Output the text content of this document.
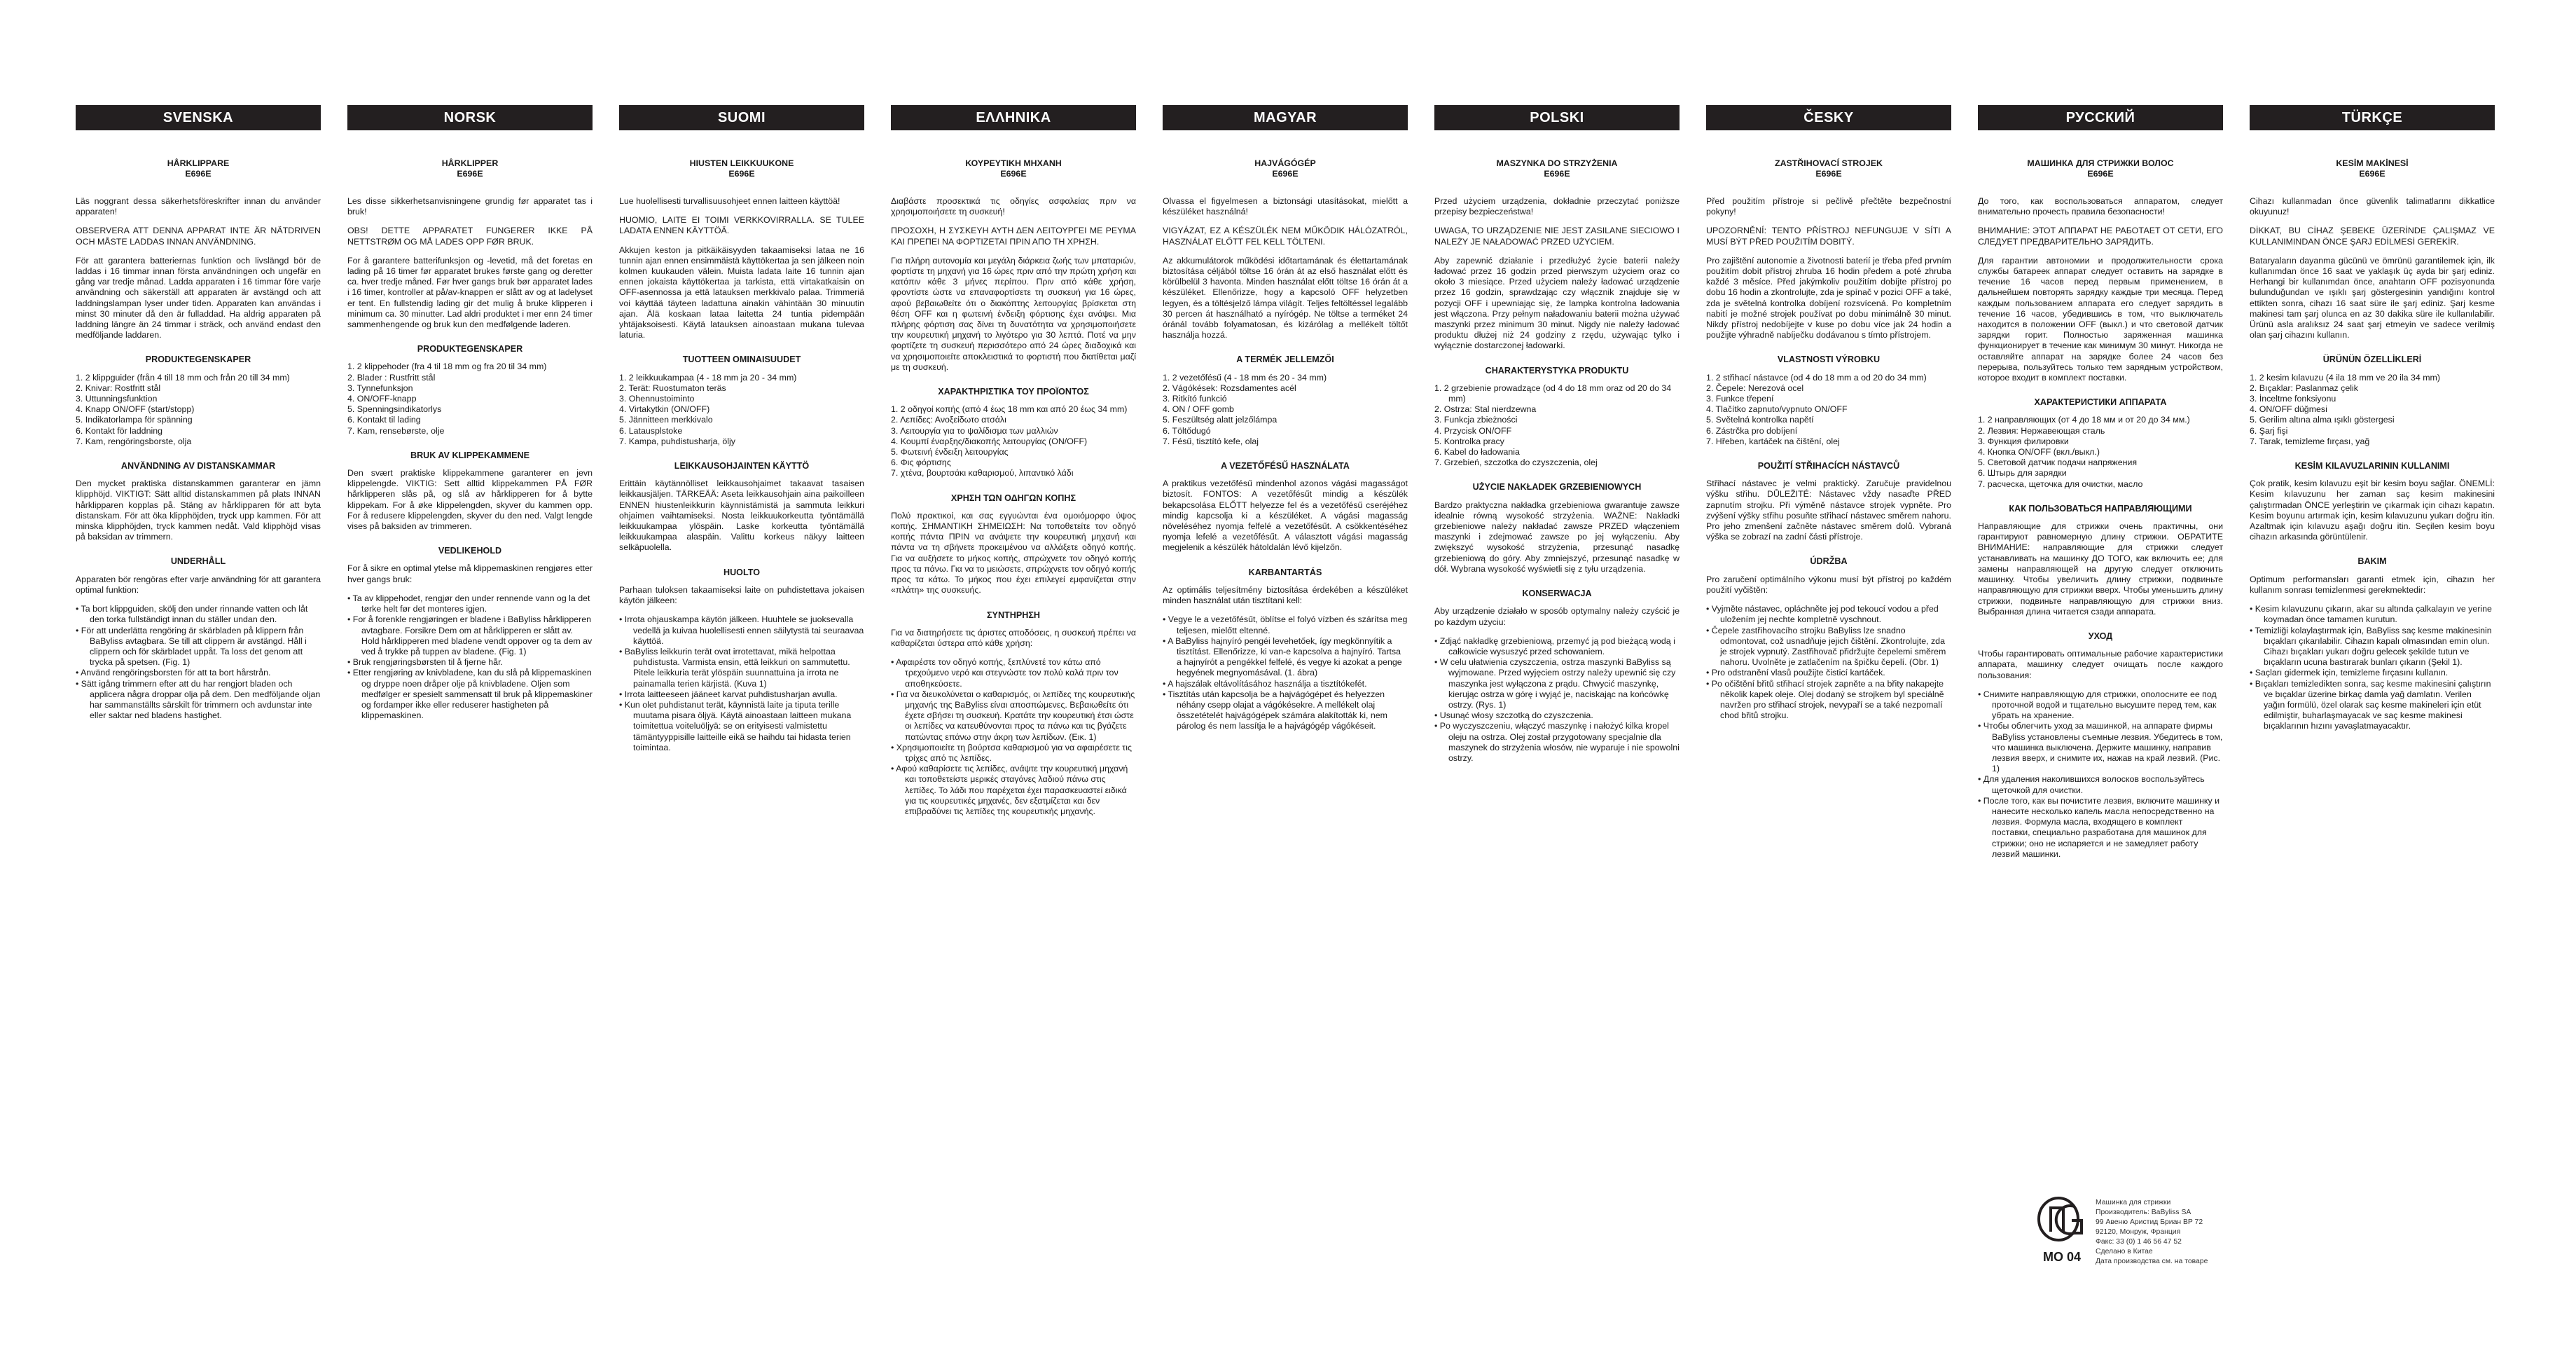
SVENSKA
HÅRKLIPPARE
E696E

Läs noggrant dessa säkerhetsföreskrifter innan du använder apparaten!

OBSERVERA ATT DENNA APPARAT INTE ÄR NÄTDRIVEN OCH MÅSTE LADDAS INNAN ANVÄNDNING.

För att garantera batteriernas funktion och livslängd bör de laddas i 16 timmar innan första användningen och ungefär en gång var tredje månad. Ladda apparaten i 16 timmar före varje användning och säkerställ att apparaten är avstängd och att laddningslampan lyser under tiden. Apparaten kan användas i minst 30 minuter då den är fulladdad. Ha aldrig apparaten på laddning längre än 24 timmar i sträck, och använd endast den medföljande laddaren.

PRODUKTEGENSKAPER
1. 2 klippguider (från 4 till 18 mm och från 20 till 34 mm)
2. Knivar: Rostfritt stål
3. Uttunningsfunktion
4. Knapp ON/OFF (start/stopp)
5. Indikatorlampa för spänning
6. Kontakt för laddning
7. Kam, rengöringsborste, olja
ANVÄNDNING AV DISTANSKAMMAR

Den mycket praktiska distanskammen garanterar en jämn klipphöjd. VIKTIGT: Sätt alltid distanskammen på plats INNAN hårklipparen kopplas på. Stäng av hårklipparen för att byta distanskam. För att öka klipphöjden, tryck upp kammen. För att minska klipphöjden, tryck kammen nedåt. Vald klipphöjd visas på baksidan av trimmern.

UNDERHÅLL

Apparaten bör rengöras efter varje användning för att garantera optimal funktion:

• Ta bort klippguiden, skölj den under rinnande vatten och låt den torka fullständigt innan du ställer undan den.
• För att underlätta rengöring är skärbladen på klippern från BaByliss avtagbara. Se till att clippern är avstängd. Håll i clippern och för skärbladet uppåt. Ta loss det genom att trycka på spetsen. (Fig. 1)
• Använd rengöringsborsten för att ta bort hårstrån.
• Sätt igång trimmern efter att du har rengjort bladen och applicera några droppar olja på dem. Den medföljande oljan har sammanställts särskilt för trimmern och avdunstar inte eller saktar ned bladens hastighet.
NORSK
HÅRKLIPPER
E696E

Les disse sikkerhetsanvisningene grundig før apparatet tas i bruk!

OBS! DETTE APPARATET FUNGERER IKKE PÅ NETTSTRØM OG MÅ LADES OPP FØR BRUK.

For å garantere batterifunksjon og -levetid, må det foretas en lading på 16 timer før apparatet brukes første gang og deretter ca. hver tredje måned. Før hver gangs bruk bør apparatet lades i 16 timer, kontroller at på/av-knappen er slått av og at ladelyset er tent. En fullstendig lading gir det mulig å bruke klipperen i minimum ca. 30 minutter. Lad aldri produktet i mer enn 24 timer sammenhengende og bruk kun den medfølgende laderen.

PRODUKTEGENSKAPER
1. 2 klippehoder (fra 4 til 18 mm og fra 20 til 34 mm)
2. Blader : Rustfritt stål
3. Tynnefunksjon
4. ON/OFF-knapp
5. Spenningsindikatorlys
6. Kontakt til lading
7. Kam, rensebørste, olje
BRUK AV KLIPPEKAMMENE

Den svært praktiske klippekammene garanterer en jevn klippelengde. VIKTIG: Sett alltid klippekammen PÅ FØR hårklipperen slås på, og slå av hårklipperen for å bytte klippekam. For å øke klippelengden, skyver du kammen opp. For å redusere klippelengden, skyver du den ned. Valgt lengde vises på baksiden av trimmeren.

VEDLIKEHOLD

For å sikre en optimal ytelse må klippemaskinen rengjøres etter hver gangs bruk:

• Ta av klippehodet, rengjør den under rennende vann og la det tørke helt før det monteres igjen.
• For å forenkle rengjøringen er bladene i BaByliss hårklipperen avtagbare. Forsikre Dem om at hårklipperen er slått av. Hold hårklipperen med bladene vendt oppover og ta dem av ved å trykke på tuppen av bladene. (Fig. 1)
• Bruk rengjøringsbørsten til å fjerne hår.
• Etter rengjøring av knivbladene, kan du slå på klippemaskinen og dryppe noen dråper olje på knivbladene. Oljen som medfølger er spesielt sammensatt til bruk på klippemaskiner og fordamper ikke eller reduserer hastigheten på klippemaskinen.
SUOMI
HIUSTEN LEIKKUUKONE
E696E

Lue huolellisesti turvallisuusohjeet ennen laitteen käyttöä!

HUOMIO, LAITE EI TOIMI VERKKOVIRRALLA. SE TULEE LADATA ENNEN KÄYTTÖÄ.

Akkujen keston ja pitkäikäisyyden takaamiseksi lataa ne 16 tunnin ajan ennen ensimmäistä käyttökertaa ja sen jälkeen noin kolmen kuukauden välein. Muista ladata laite 16 tunnin ajan ennen jokaista käyttökertaa ja tarkista, että virtakatkaisin on OFF-asennossa ja että latauksen merkkivalo palaa. Trimmeriä voi käyttää täyteen ladattuna ainakin vähintään 30 minuutin ajan. Älä koskaan lataa laitetta 24 tuntia pidempään yhtäjaksoisesti. Käytä latauksen ainoastaan mukana tulevaa laturia.

TUOTTEEN OMINAISUUDET
1. 2 leikkuukampaa (4 - 18 mm ja 20 - 34 mm)
2. Terät: Ruostumaton teräs
3. Ohennustoiminto
4. Virtakytkin (ON/OFF)
5. Jännitteen merkkivalo
6. Latausplstoke
7. Kampa, puhdistusharja, öljy
LEIKKAUSOHJAINTEN KÄYTTÖ

Erittäin käytännölliset leikkausohjaimet takaavat tasaisen leikkausjäljen. TÄRKEÄÄ: Aseta leikkausohjain aina paikoilleen ENNEN hiustenleikkurin käynnistämistä ja sammuta leikkuri ohjaimen vaihtamiseksi. Nosta leikkuukorkeutta työntämällä leikkuukampaa ylöspäin. Laske korkeutta työntämällä leikkuukampaa alaspäin. Valittu korkeus näkyy laitteen selkäpuolella.

HUOLTO

Parhaan tuloksen takaamiseksi laite on puhdistettava jokaisen käytön jälkeen:

• Irrota ohjauskampa käytön jälkeen. Huuhtele se juoksevalla vedellä ja kuivaa huolellisesti ennen säilytystä tai seuraavaa käyttöä.
• BaByliss leikkurin terät ovat irrotettavat, mikä helpottaa puhdistusta. Varmista ensin, että leikkuri on sammutettu. Pitele leikkuria terät ylöspäin suunnattuina ja irrota ne painamalla terien kärjistä. (Kuva 1)
• Irrota laitteeseen jääneet karvat puhdistusharjan avulla.
• Kun olet puhdistanut terät, käynnistä laite ja tiputa terille muutama pisara öljyä. Käytä ainoastaan laitteen mukana toimitettua voiteluöljyä: se on erityisesti valmistettu tämäntyyppisille laitteille eikä se haihdu tai hidasta terien toimintaa.
ΕΛΛΗΝΙΚΑ
ΚΟΥΡΕΥΤΙΚΗ ΜΗΧΑΝΗ
E696E

Διαβάστε προσεκτικά τις οδηγίες ασφαλείας πριν να χρησιμοποιήσετε τη συσκευή!

ΠΡΟΣΟΧΗ, Η ΣΥΣΚΕΥΗ ΑΥΤΗ ΔΕΝ ΛΕΙΤΟΥΡΓΕΙ ΜΕ ΡΕΥΜΑ ΚΑΙ ΠΡΕΠΕΙ ΝΑ ΦΟΡΤΙΖΕΤΑΙ ΠΡΙΝ ΑΠΟ ΤΗ ΧΡΗΣΗ.

Για πλήρη αυτονομία και μεγάλη διάρκεια ζωής των μπαταριών, φορτίστε τη μηχανή για 16 ώρες πριν από την πρώτη χρήση και κατόπιν κάθε 3 μήνες περίπου. Πριν από κάθε χρήση, φροντίστε ώστε να επαναφορτίσετε τη συσκευή για 16 ώρες, αφού βεβαιωθείτε ότι ο διακόπτης λειτουργίας βρίσκεται στη θέση OFF και η φωτεινή ένδειξη φόρτισης έχει ανάψει. Μια πλήρης φόρτιση σας δίνει τη δυνατότητα να χρησιμοποιήσετε την κουρευτική μηχανή το λιγότερο για 30 λεπτά. Ποτέ να μην φορτίζετε τη συσκευή περισσότερο από 24 ώρες διαδοχικά και να χρησιμοποιείτε αποκλειστικά το φορτιστή που διατίθεται μαζί με τη συσκευή.

ΧΑΡΑΚΤΗΡΙΣΤΙΚΑ ΤΟΥ ΠΡΟΪΟΝΤΟΣ
1. 2 οδηγοί κοπής (από 4 έως 18 mm και από 20 έως 34 mm)
2. Λεπίδες: Ανοξείδωτο ατσάλι
3. Λειτουργία για το ψαλίδισμα των μαλλιών
4. Κουμπί έναρξης/διακοπής λειτουργίας (ON/OFF)
5. Φωτεινή ένδειξη λειτουργίας
6. Φις φόρτισης
7. χτένα, βουρτσάκι καθαρισμού, λιπαντικό λάδι
ΧΡΗΣΗ ΤΩΝ ΟΔΗΓΩΝ ΚΟΠΗΣ

Πολύ πρακτικοί, και σας εγγυώνται ένα ομοιόμορφο ύψος κοπής. ΣΗΜΑΝΤΙΚΗ ΣΗΜΕΙΩΣΗ: Να τοποθετείτε τον οδηγό κοπής πάντα ΠΡΙΝ να ανάψετε την κουρευτική μηχανή και πάντα να τη σβήνετε προκειμένου να αλλάξετε οδηγό κοπής. Για να αυξήσετε το μήκος κοπής, σπρώχνετε τον οδηγό κοπής προς τα πάνω. Για να το μειώσετε, σπρώχνετε τον οδηγό κοπής προς τα κάτω. Το μήκος που έχει επιλεγεί εμφανίζεται στην «πλάτη» της συσκευής.

ΣΥΝΤΗΡΗΣΗ

Για να διατηρήσετε τις άριστες αποδόσεις, η συσκευή πρέπει να καθαρίζεται ύστερα από κάθε χρήση:

• Αφαιρέστε τον οδηγό κοπής, ξεπλύνετέ τον κάτω από τρεχούμενο νερό και στεγνώστε τον πολύ καλά πριν τον αποθηκεύσετε.
• Για να διευκολύνεται ο καθαρισμός, οι λεπίδες της κουρευτικής μηχανής της BaByliss είναι αποσπώμενες. Βεβαιωθείτε ότι έχετε σβήσει τη συσκευή. Κρατάτε την κουρευτική έτσι ώστε οι λεπίδες να κατευθύνονται προς τα πάνω και τις βγάζετε πατώντας επάνω στην άκρη των λεπίδων. (Εικ. 1)
• Χρησιμοποιείτε τη βούρτσα καθαρισμού για να αφαιρέσετε τις τρίχες από τις λεπίδες.
• Αφού καθαρίσετε τις λεπίδες, ανάψτε την κουρευτική μηχανή και τοποθετείστε μερικές σταγόνες λαδιού πάνω στις λεπίδες. Το λάδι που παρέχεται έχει παρασκευαστεί ειδικά για τις κουρευτικές μηχανές, δεν εξατμίζεται και δεν επιβραδύνει τις λεπίδες της κουρευτικής μηχανής.
MAGYAR
HAJVÁGÓGÉP
E696E

Olvassa el figyelmesen a biztonsági utasításokat, mielőtt a készüléket használná!

VIGYÁZAT, EZ A KÉSZÜLÉK NEM MŰKÖDIK HÁLÓZATRÓL, HASZNÁLAT ELŐTT FEL KELL TÖLTENI.

Az akkumulátorok működési időtartamának és élettartamának biztosítása céljából töltse 16 órán át az első használat előtt és körülbelül 3 havonta. Minden használat előtt töltse 16 órán át a készüléket. Ellenőrizze, hogy a kapcsoló OFF helyzetben legyen, és a töltésjelző lámpa világít. Teljes feltöltéssel legalább 30 percen át használható a nyírógép. Ne töltse a terméket 24 óránál tovább folyamatosan, és kizárólag a mellékelt töltőt használja hozzá.

A TERMÉK JELLEMZŐI
1. 2 vezetőfésű (4 - 18 mm és 20 - 34 mm)
2. Vágókések: Rozsdamentes acél
3. Ritkító funkció
4. ON / OFF gomb
5. Feszültség alatt jelzőlámpa
6. Töltődugó
7. Fésű, tisztító kefe, olaj
A VEZETŐFÉSŰ HASZNÁLATA

A praktikus vezetőfésű mindenhol azonos vágási magasságot biztosít. FONTOS: A vezetőfésűt mindig a készülék bekapcsolása ELŐTT helyezze fel és a vezetőfésű cseréjéhez mindig kapcsolja ki a készüléket. A vágási magasság növeléséhez nyomja felfelé a vezetőfésűt. A csökkentéséhez nyomja lefelé a vezetőfésűt. A választott vágási magasság megjelenik a készülék hátoldalán lévő kijelzőn.

KARBANTARTÁS

Az optimális teljesítmény biztosítása érdekében a készüléket minden használat után tisztítani kell:

• Vegye le a vezetőfésűt, öblítse el folyó vízben és szárítsa meg teljesen, mielőtt eltenné.
• A BaByliss hajnyíró pengéi levehetőek, így megkönnyítik a tisztítást. Ellenőrizze, ki van-e kapcsolva a hajnyíró. Tartsa a hajnyírót a pengékkel felfelé, és vegye ki azokat a penge hegyének megnyomásával. (1. ábra)
• A hajszálak eltávolításához használja a tisztítókefét.
• Tisztítás után kapcsolja be a hajvágógépet és helyezzen néhány csepp olajat a vágókésekre. A mellékelt olaj összetételét hajvágógépek számára alakították ki, nem párolog és nem lassítja le a hajvágógép vágókéseit.
POLSKI
MASZYNKA DO STRZYŻENIA
E696E

Przed użyciem urządzenia, dokładnie przeczytać poniższe przepisy bezpieczeństwa!

UWAGA, TO URZĄDZENIE NIE JEST ZASILANE SIECIOWO I NALEŻY JE NAŁADOWAĆ PRZED UŻYCIEM.

Aby zapewnić działanie i przedłużyć życie baterii należy ładować przez 16 godzin przed pierwszym użyciem oraz co około 3 miesiące. Przed użyciem należy ładować urządzenie przez 16 godzin, sprawdzając czy włącznik znajduje się w pozycji OFF i upewniając się, że lampka kontrolna ładowania jest włączona. Przy pełnym naładowaniu baterii można używać maszynki przez minimum 30 minut. Nigdy nie należy ładować produktu dłużej niż 24 godziny z rzędu, używając tylko i wyłącznie dostarczonej ładowarki.

CHARAKTERYSTYKA PRODUKTU
1. 2 grzebienie prowadzące (od 4 do 18 mm oraz od 20 do 34 mm)
2. Ostrza: Stal nierdzewna
3. Funkcja zbieżności
4. Przycisk ON/OFF
5. Kontrolka pracy
6. Kabel do ładowania
7. Grzebień, szczotka do czyszczenia, olej
UŻYCIE NAKŁADEK GRZEBIENIOWYCH

Bardzo praktyczna nakładka grzebieniowa gwarantuje zawsze idealnie równą wysokość strzyżenia. WAŻNE: Nakładki grzebieniowe należy nakładać zawsze PRZED włączeniem maszynki i zdejmować zawsze po jej wyłączeniu. Aby zwiększyć wysokość strzyżenia, przesunąć nasadkę grzebieniową do góry. Aby zmniejszyć, przesunąć nasadkę w dół. Wybrana wysokość wyświetli się z tyłu urządzenia.

KONSERWACJA

Aby urządzenie działało w sposób optymalny należy czyścić je po każdym użyciu:

• Zdjąć nakładkę grzebieniową, przemyć ją pod bieżącą wodą i całkowicie wysuszyć przed schowaniem.
• W celu ułatwienia czyszczenia, ostrza maszynki BaByliss są wyjmowane. Przed wyjęciem ostrzy należy upewnić się czy maszynka jest wyłączona z prądu. Chwycić maszynkę, kierując ostrza w górę i wyjąć je, naciskając na końcówkę ostrzy. (Rys. 1)
• Usunąć włosy szczotką do czyszczenia.
• Po wyczyszczeniu, włączyć maszynkę i nałożyć kilka kropel oleju na ostrza. Olej został przygotowany specjalnie dla maszynek do strzyżenia włosów, nie wyparuje i nie spowolni ostrzy.
ČESKY
ZASTŘIHOVACÍ STROJEK
E696E

Před použitím přístroje si pečlivě přečtěte bezpečnostní pokyny!

UPOZORNĚNÍ: TENTO PŘÍSTROJ NEFUNGUJE V SÍTI A MUSÍ BÝT PŘED POUŽITÍM DOBITÝ.

Pro zajištění autonomie a životnosti baterií je třeba před prvním použitím dobít přístroj zhruba 16 hodin předem a poté zhruba každé 3 měsíce. Před jakýmkoliv použitím dobíjte přístroj po dobu 16 hodin a zkontrolujte, zda je spínač v pozici OFF a také, zda je světelná kontrolka dobíjení rozsvícená. Po kompletním nabití je možné strojek používat po dobu minimálně 30 minut. Nikdy přístroj nedobíjejte v kuse po dobu více jak 24 hodin a použijte výhradně nabíječku dodávanou s tímto přístrojem.

VLASTNOSTI VÝROBKU
1. 2 střihací nástavce (od 4 do 18 mm a od 20 do 34 mm)
2. Čepele: Nerezová ocel
3. Funkce třepení
4. Tlačítko zapnuto/vypnuto ON/OFF
5. Světelná kontrolka napětí
6. Zástrčka pro dobíjení
7. Hřeben, kartáček na čištění, olej
POUŽITÍ STŘIHACÍCH NÁSTAVCŮ

Střihací nástavec je velmi praktický. Zaručuje pravidelnou výšku střihu. DŮLEŽITÉ: Nástavec vždy nasaďte PŘED zapnutím strojku. Při výměně nástavce strojek vypněte. Pro zvýšení výšky střihu posuňte střihací nástavec směrem nahoru. Pro jeho zmenšení začněte nástavec směrem dolů. Vybraná výška se zobrazí na zadní části přístroje.

ÚDRŽBA

Pro zaručení optimálního výkonu musí být přístroj po každém použití vyčištěn:

• Vyjměte nástavec, opláchněte jej pod tekoucí vodou a před uložením jej nechte kompletně vyschnout.
• Čepele zastřihovacího strojku BaByliss lze snadno odmontovat, což usnadňuje jejich čištění. Zkontrolujte, zda je strojek vypnutý. Zastřihovač přidržujte čepelemi směrem nahoru. Uvolněte je zatlačením na špičku čepelí. (Obr. 1)
• Pro odstranění vlasů použijte čisticí kartáček.
• Po očištění břitů střihací strojek zapněte a na břity nakapejte několik kapek oleje. Olej dodaný se strojkem byl speciálně navržen pro střihací strojek, nevypaří se a také nezpomalí chod břitů strojku.
РУССКИЙ
МАШИНКА ДЛЯ СТРИЖКИ ВОЛОС
E696E

До того, как воспользоваться аппаратом, следует внимательно прочесть правила безопасности!

ВНИМАНИЕ: ЭТОТ АППАРАТ НЕ РАБОТАЕТ ОТ СЕТИ, ЕГО СЛЕДУЕТ ПРЕДВАРИТЕЛЬНО ЗАРЯДИТЬ.

Для гарантии автономии и продолжительности срока службы батареек аппарат следует оставить на зарядке в течение 16 часов перед первым применением, в дальнейшем повторять зарядку каждые три месяца. Перед каждым пользованием аппарата его следует зарядить в течение 16 часов, убедившись в том, что выключатель находится в положении OFF (выкл.) и что световой датчик зарядки горит. Полностью заряженная машинка функционирует в течение как минимум 30 минут. Никогда не оставляйте аппарат на зарядке более 24 часов без перерыва, пользуйтесь только тем зарядным устройством, которое входит в комплект поставки.

ХАРАКТЕРИСТИКИ АППАРАТА
1. 2 направляющих (от 4 до 18 мм и от 20 до 34 мм.)
2. Лезвия: Нержавеющая сталь
3. Функция филировки
4. Кнопка ON/OFF (вкл./выкл.)
5. Световой датчик подачи напряжения
6. Штырь для зарядки
7. расческа, щеточка для очистки, масло
КАК ПОЛЬЗОВАТЬСЯ НАПРАВЛЯЮЩИМИ

Направляющие для стрижки очень практичны, они гарантируют равномерную длину стрижки. ОБРАТИТЕ ВНИМАНИЕ: направляющие для стрижки следует устанавливать на машинку ДО ТОГО, как включить ее; для замены направляющей на другую следует отключить машинку. Чтобы увеличить длину стрижки, подвиньте направляющую для стрижки вверх. Чтобы уменьшить длину стрижки, подвиньте направляющую для стрижки вниз. Выбранная длина читается сзади аппарата.

УХОД

Чтобы гарантировать оптимальные рабочие характеристики аппарата, машинку следует очищать после каждого пользования:

• Снимите направляющую для стрижки, ополосните ее под проточной водой и тщательно высушите перед тем, как убрать на хранение.
• Чтобы облегчить уход за машинкой, на аппарате фирмы BaByliss установлены съемные лезвия. Убедитесь в том, что машинка выключена. Держите машинку, направив лезвия вверх, и снимите их, нажав на край лезвий. (Рис. 1)
• Для удаления наколившихся волосков воспользуйтесь щеточкой для очистки.
• После того, как вы почистите лезвия, включите машинку и нанесите несколько капель масла непосредственно на лезвия. Формула масла, входящего в комплект поставки, специально разработана для машинок для стрижки; оно не испаряется и не замедляет работу лезвий машинки.
TÜRKÇE
KESİM MAKİNESİ
E696E

Cihazı kullanmadan önce güvenlik talimatlarını dikkatlice okuyunuz!

DİKKAT, BU CİHAZ ŞEBEKE ÜZERİNDE ÇALIŞMAZ VE KULLANIMINDAN ÖNCE ŞARJ EDİLMESİ GEREKİR.

Bataryaların dayanma gücünü ve ömrünü garantilemek için, ilk kullanımdan önce 16 saat ve yaklaşık üç ayda bir şarj ediniz. Herhangi bir kullanımdan önce, anahtarın OFF pozisyonunda bulunduğundan ve ışıklı şarj göstergesinin yandığını kontrol ettikten sonra, cihazı 16 saat süre ile şarj ediniz. Şarj kesme makinesi tam şarj olunca en az 30 dakika süre ile kullanılabilir. Ürünü asla aralıksız 24 saat şarj etmeyin ve sadece verilmiş olan şarj cihazını kullanın.

ÜRÜNÜN ÖZELLİKLERİ
1. 2 kesim kılavuzu (4 ila 18 mm ve 20 ila 34 mm)
2. Bıçaklar: Paslanmaz çelik
3. İnceltme fonksiyonu
4. ON/OFF düğmesi
5. Gerilim altına alma ışıklı göstergesi
6. Şarj fişi
7. Tarak, temizleme fırçası, yağ
KESİM KILAVUZLARININ KULLANIMI

Çok pratik, kesim kılavuzu eşit bir kesim boyu sağlar. ÖNEMLİ: Kesim kılavuzunu her zaman saç kesim makinesini çalıştırmadan ÖNCE yerleştirin ve çıkarmak için cihazı kapatın. Kesim boyunu artırmak için, kesim kılavuzunu yukarı doğru itin. Azaltmak için kılavuzu aşağı doğru itin. Seçilen kesim boyu cihazın arkasında görüntülenir.

BAKIM

Optimum performansları garanti etmek için, cihazın her kullanım sonrası temizlenmesi gerekmektedir:

• Kesim kılavuzunu çıkarın, akar su altında çalkalayın ve yerine koymadan önce tamamen kurutun.
• Temizliği kolaylaştırmak için, BaByliss saç kesme makinesinin bıçakları çıkarılabilir. Cihazın kapalı olmasından emin olun. Cihazı bıçakları yukarı doğru gelecek şekilde tutun ve bıçakların ucuna bastırarak bunları çıkarın (Şekil 1).
• Saçları gidermek için, temizleme fırçasını kullanın.
• Bıçakları temizledikten sonra, saç kesme makinesini çalıştırın ve bıçaklar üzerine birkaç damla yağ damlatın. Verilen yağın formülü, özel olarak saç kesme makineleri için etüt edilmiştir, buharlaşmayacak ve saç kesme makinesi bıçaklarının hızını yavaşlatmayacaktır.
МО 04
Машинка для стрижки
Производитель: BaByliss SA
99 Авеню Аристид Бриан BP 72
92120, Монруж, Франция
Факс: 33 (0) 1 46 56 47 52
Сделано в Китае
Дата производства см. на товаре
